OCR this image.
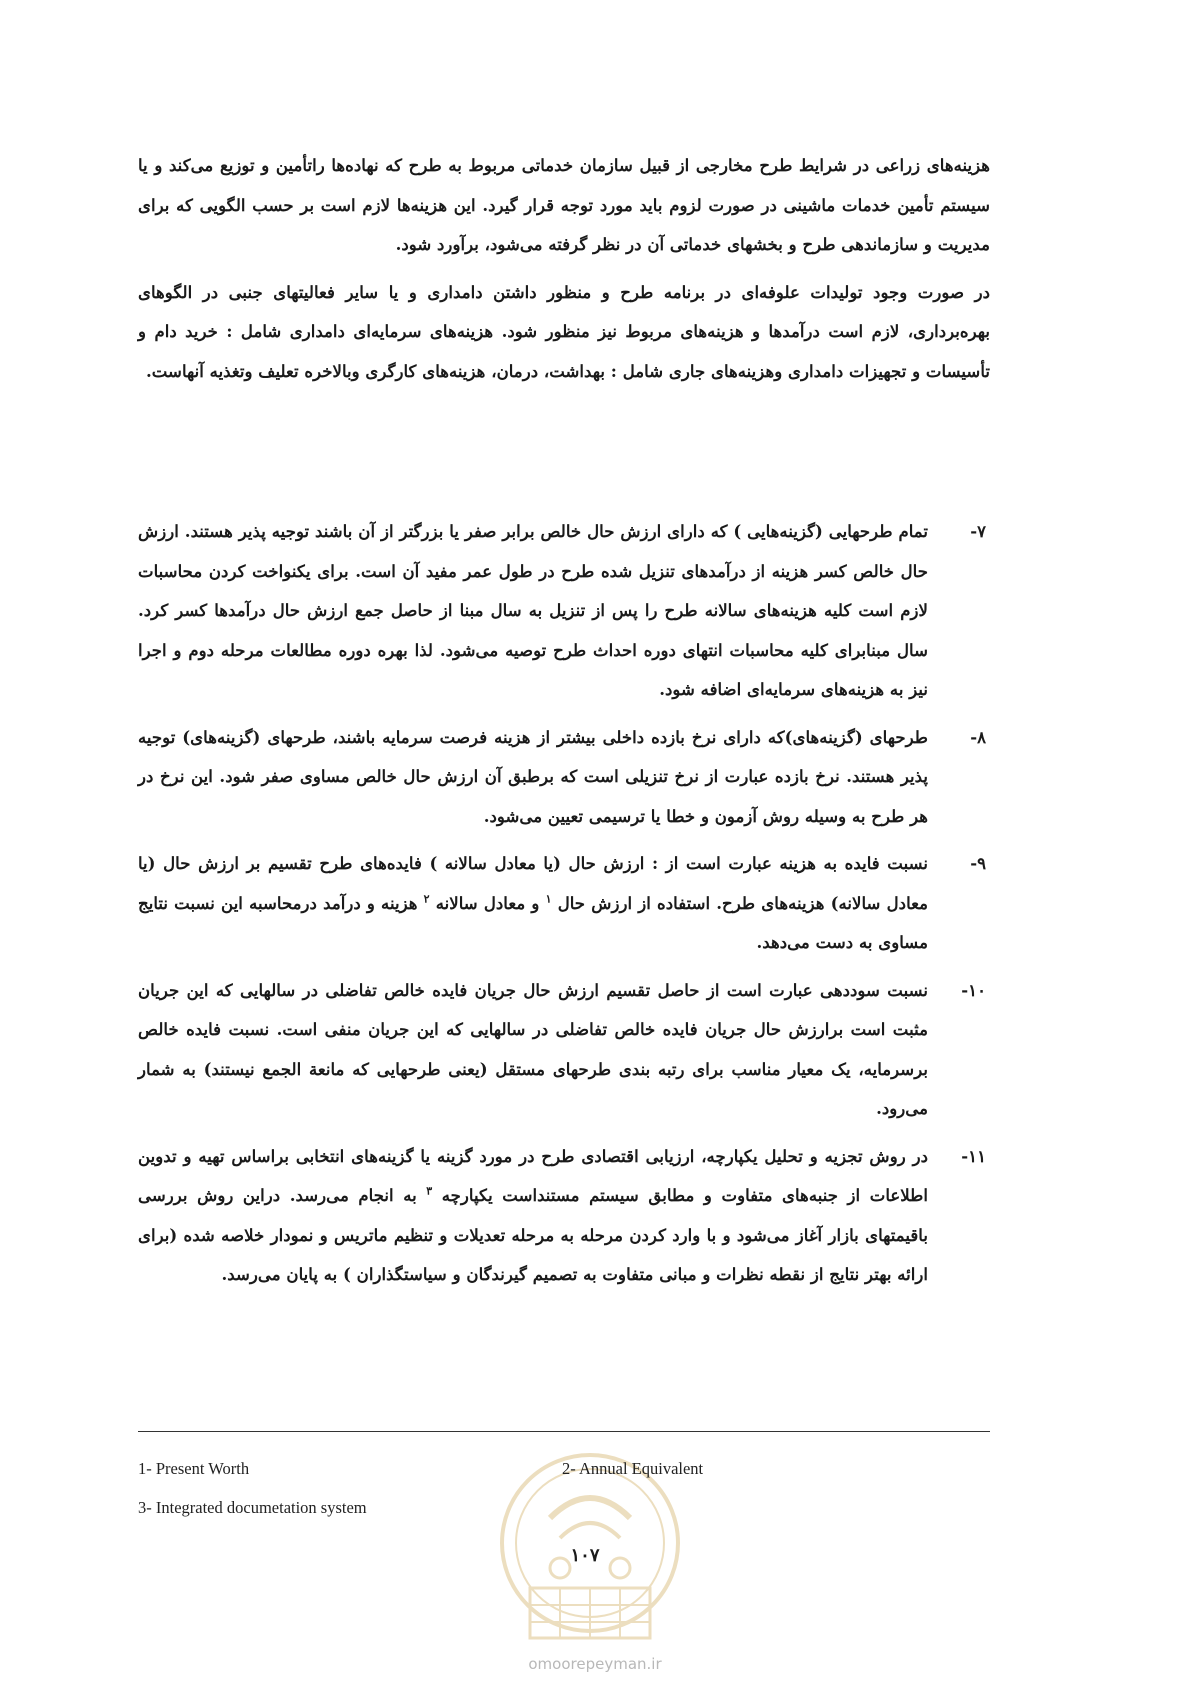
هزینه‌های زراعی در شرایط طرح مخارجی از قبیل سازمان خدماتی مربوط به طرح که نهاده‌ها راتأمین و توزیع می‌کند و یا سیستم تأمین خدمات ماشینی در صورت لزوم باید مورد توجه قرار گیرد. این هزینه‌ها لازم است بر حسب الگویی که برای مدیریت و سازماندهی طرح و بخشهای خدماتی آن در نظر گرفته می‌شود، برآورد شود.

در صورت وجود تولیدات علوفه‌ای در برنامه طرح و منظور داشتن دامداری و یا سایر فعالیتهای جنبی در الگوهای بهره‌برداری، لازم است درآمدها و هزینه‌های مربوط نیز منظور شود. هزینه‌های سرمایه‌ای دامداری شامل : خرید دام و تأسیسات و تجهیزات دامداری وهزینه‌های جاری شامل : بهداشت، درمان، هزینه‌های کارگری وبالاخره تعلیف وتغذیه آنهاست.

۷-
تمام طرحهایی (گزینه‌هایی ) که دارای ارزش حال خالص برابر صفر یا بزرگتر از آن باشند توجیه پذیر هستند. ارزش حال خالص کسر هزینه از درآمدهای تنزیل شده طرح در طول عمر مفید آن است. برای یکنواخت کردن محاسبات لازم است کلیه هزینه‌های سالانه طرح را پس از تنزیل به سال مبنا از حاصل جمع ارزش حال درآمدها کسر کرد. سال مبنابرای کلیه محاسبات انتهای دوره احداث طرح توصیه می‌شود. لذا بهره دوره مطالعات مرحله دوم و اجرا نیز به هزینه‌های سرمایه‌ای اضافه شود.
۸-
طرحهای (گزینه‌های)که دارای نرخ بازده داخلی بیشتر از هزینه فرصت سرمایه باشند، طرحهای (گزینه‌های) توجیه پذیر هستند. نرخ بازده عبارت از نرخ تنزیلی است که برطبق آن ارزش حال خالص مساوی صفر شود. این نرخ در هر طرح به وسیله روش آزمون و خطا یا ترسیمی تعیین می‌شود.
۹-
نسبت فایده به هزینه عبارت است از : ارزش حال (یا معادل سالانه ) فایده‌های طرح تقسیم بر ارزش حال (یا معادل سالانه) هزینه‌های طرح. استفاده از ارزش حال $^۱$ و معادل سالانه $^۲$ هزینه و درآمد درمحاسبه این نسبت نتایج مساوی به دست می‌دهد.
۱۰-
نسبت سوددهی عبارت است از حاصل تقسیم ارزش حال جریان فایده خالص تفاضلی در سالهایی که این جریان مثبت است برارزش حال جریان فایده خالص تفاضلی در سالهایی که این جریان منفی است. نسبت فایده خالص برسرمایه، یک معیار مناسب برای رتبه بندی طرحهای مستقل (یعنی طرحهایی که مانعة الجمع نیستند) به شمار می‌رود.
۱۱-
در روش تجزیه و تحلیل یکپارچه، ارزیابی اقتصادی طرح در مورد گزینه یا گزینه‌های انتخابی براساس تهیه و تدوین اطلاعات از جنبه‌های متفاوت و مطابق سیستم مستنداست یکپارچه $^۳$ به انجام می‌رسد. دراین روش بررسی باقیمتهای بازار آغاز می‌شود و با وارد کردن مرحله به مرحله تعدیلات و تنظیم ماتریس و نمودار خلاصه شده (برای ارائه بهتر نتایج از نقطه نظرات و مبانی متفاوت به تصمیم گیرندگان و سیاستگذاران ) به پایان می‌رسد.
1- Present Worth	2- Annual Equivalent
3- Integrated documetation system
۱۰۷
omoorepeyman.ir
